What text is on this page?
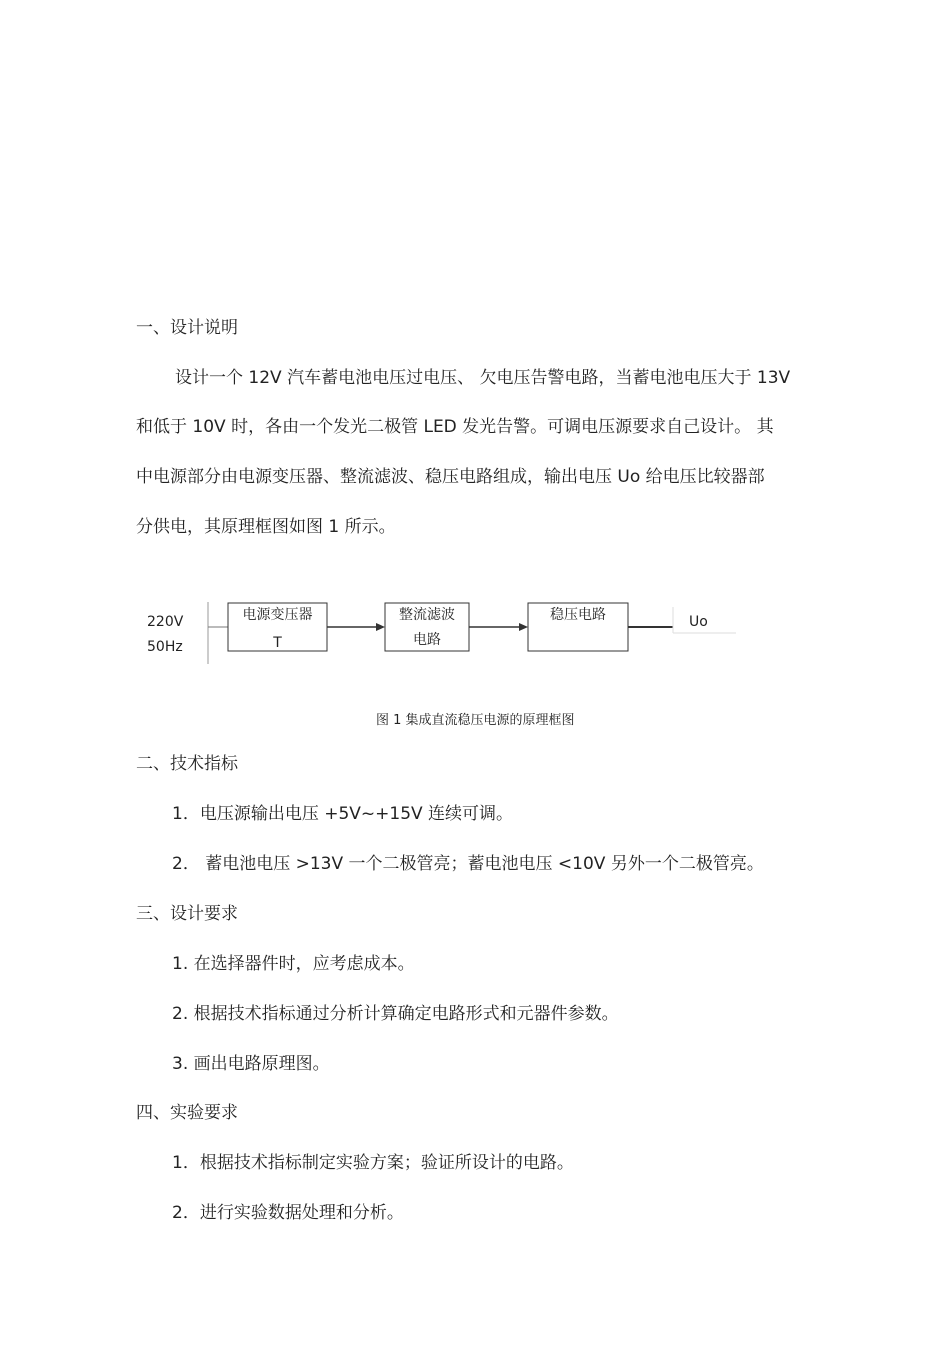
一、设计说明
设计一个 12V 汽车蓄电池电压过电压、 欠电压告警电路，当蓄电池电压大于 13V
和低于 10V 时，各由一个发光二极管 LED 发光告警。可调电压源要求自己设计。 其
中电源部分由电源变压器、整流滤波、稳压电路组成，输出电压 Uo 给电压比较器部
分供电，其原理框图如图 1 所示。
220V
50Hz
电源变压器
T
整流滤波
电路
稳压电路	Uo
图 1 集成直流稳压电源的原理框图
二、技术指标
1．电压源输出电压 +5V~+15V 连续可调。
2． 蓄电池电压 >13V 一个二极管亮；蓄电池电压 <10V 另外一个二极管亮。
三、设计要求
1. 在选择器件时，应考虑成本。
2. 根据技术指标通过分析计算确定电路形式和元器件参数。
3. 画出电路原理图。
四、实验要求
1．根据技术指标制定实验方案；验证所设计的电路。
2．进行实验数据处理和分析。
